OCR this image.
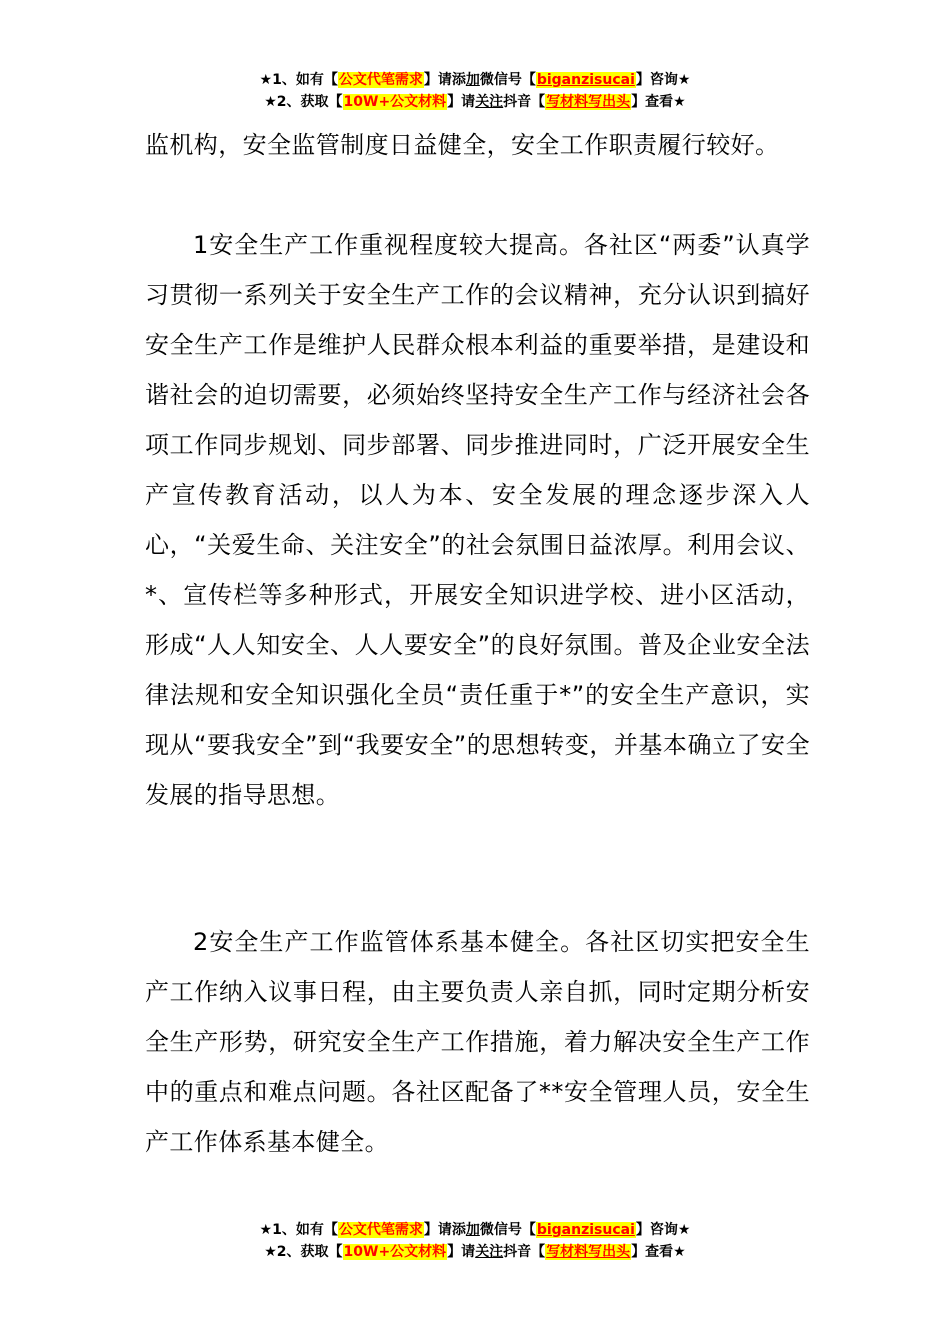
★1、如有【公文代笔需求】请添加微信号【biganzisucai】咨询★
★2、获取【10W+公文材料】请关注抖音【写材料写出头】查看★

监机构，安全监管制度日益健全，安全工作职责履行较好。

1安全生产工作重视程度较大提高。各社区“两委”认真学习贯彻一系列关于安全生产工作的会议精神，充分认识到搞好安全生产工作是维护人民群众根本利益的重要举措，是建设和谐社会的迫切需要，必须始终坚持安全生产工作与经济社会各项工作同步规划、同步部署、同步推进同时，广泛开展安全生产宣传教育活动，以人为本、安全发展的理念逐步深入人心，“关爱生命、关注安全”的社会氛围日益浓厚。利用会议、*、宣传栏等多种形式，开展安全知识进学校、进小区活动，形成“人人知安全、人人要安全”的良好氛围。普及企业安全法律法规和安全知识强化全员“责任重于*”的安全生产意识，实现从“要我安全”到“我要安全”的思想转变，并基本确立了安全发展的指导思想。

2安全生产工作监管体系基本健全。各社区切实把安全生产工作纳入议事日程，由主要负责人亲自抓，同时定期分析安全生产形势，研究安全生产工作措施，着力解决安全生产工作中的重点和难点问题。各社区配备了**安全管理人员，安全生产工作体系基本健全。

★1、如有【公文代笔需求】请添加微信号【biganzisucai】咨询★
★2、获取【10W+公文材料】请关注抖音【写材料写出头】查看★
